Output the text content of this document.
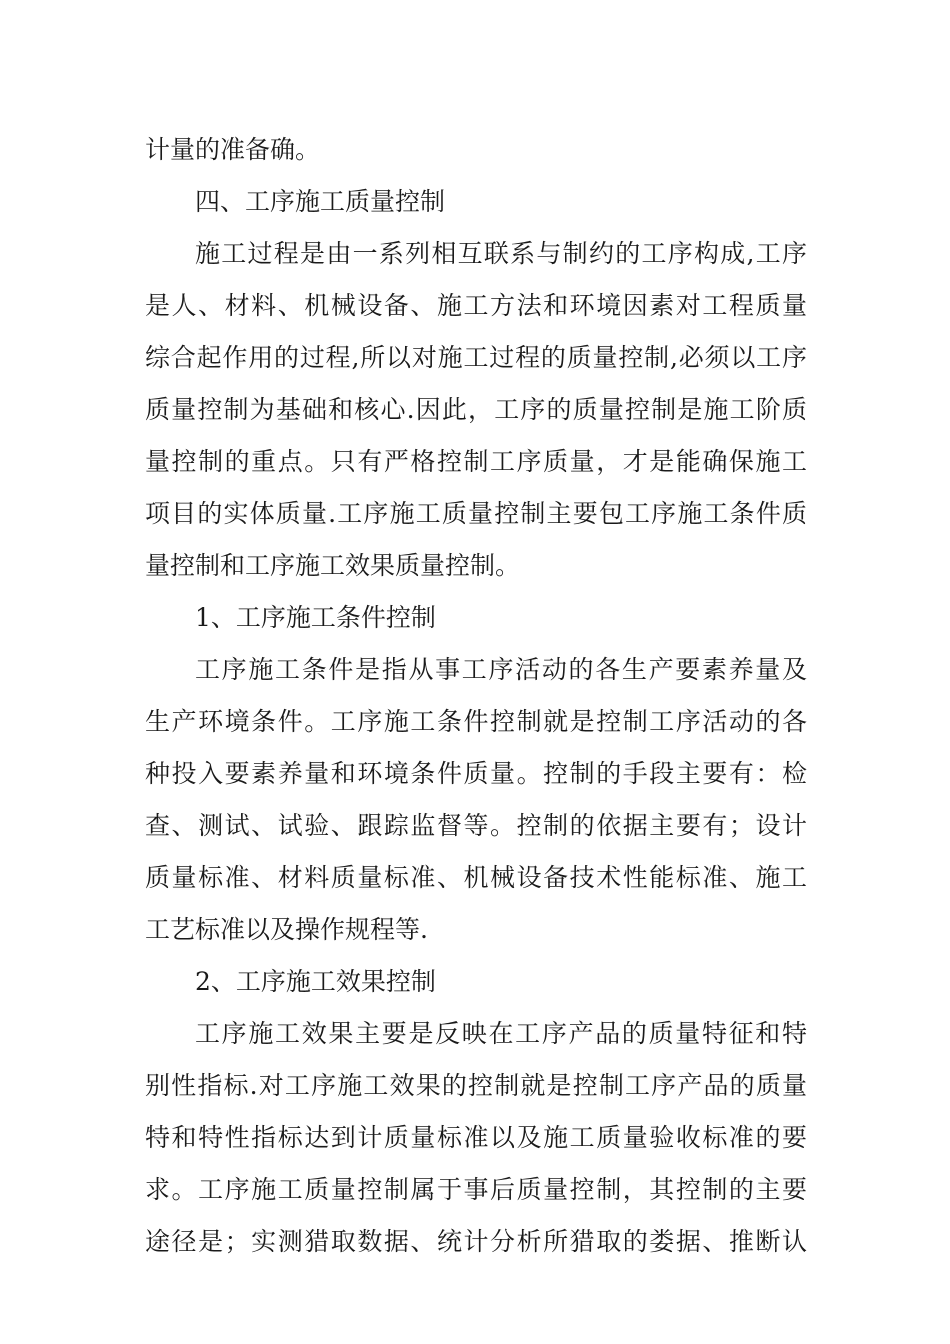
计量的准备确。
四、工序施工质量控制
施工过程是由一系列相互联系与制约的工序构成,工序
是人、材料、机械设备、施工方法和环境因素对工程质量
综合起作用的过程,所以对施工过程的质量控制,必须以工序
质量控制为基础和核心.因此，工序的质量控制是施工阶质
量控制的重点。只有严格控制工序质量，才是能确保施工
项目的实体质量.工序施工质量控制主要包工序施工条件质
量控制和工序施工效果质量控制。
1、工序施工条件控制
工序施工条件是指从事工序活动的各生产要素养量及
生产环境条件。工序施工条件控制就是控制工序活动的各
种投入要素养量和环境条件质量。控制的手段主要有：检
查、测试、试验、跟踪监督等。控制的依据主要有；设计
质量标准、材料质量标准、机械设备技术性能标准、施工
工艺标准以及操作规程等.
2、工序施工效果控制
工序施工效果主要是反映在工序产品的质量特征和特
别性指标.对工序施工效果的控制就是控制工序产品的质量
特和特性指标达到计质量标准以及施工质量验收标准的要
求。工序施工质量控制属于事后质量控制，其控制的主要
途径是；实测猎取数据、统计分析所猎取的娄据、推断认
